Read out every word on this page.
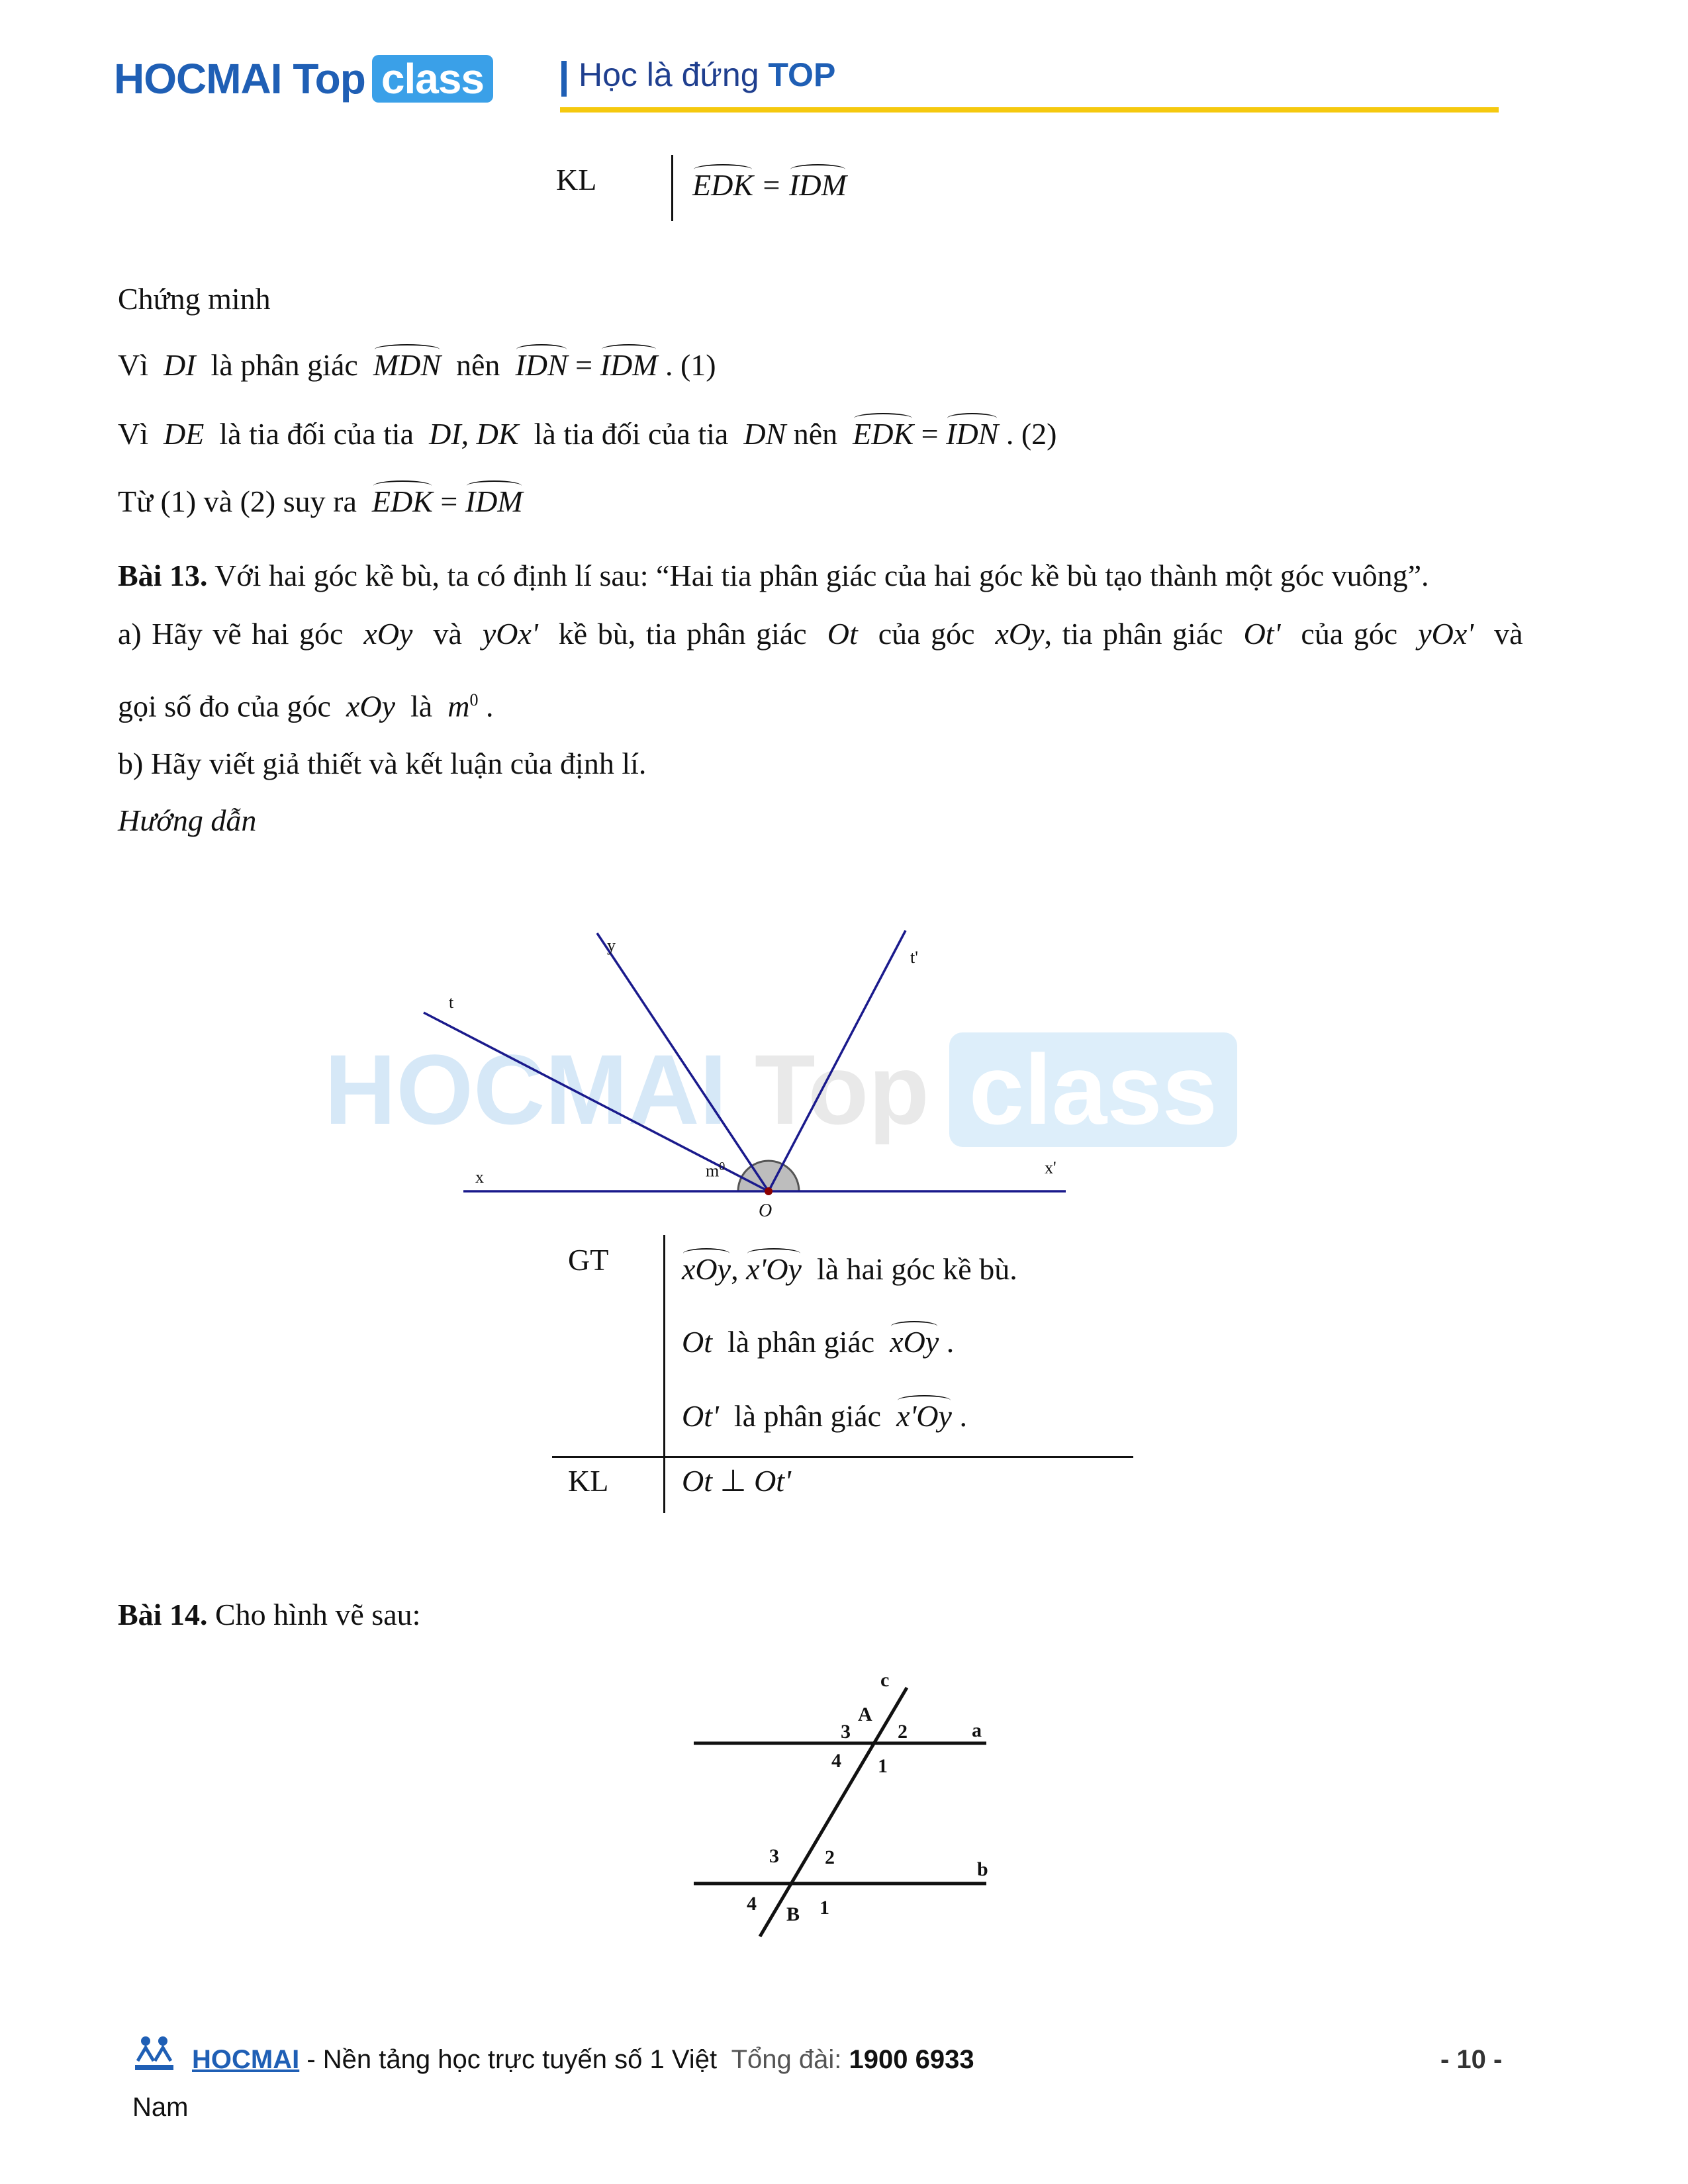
HOCMAI Top class	Học là đứng TOP
KL	EDK = IDM
Chứng minh
Vì DI là phân giác MDN nên IDN = IDM . (1)
Vì DE là tia đối của tia DI, DK là tia đối của tia DN nên EDK = IDN . (2)
Từ (1) và (2) suy ra EDK = IDM
Bài 13. Với hai góc kề bù, ta có định lí sau: “Hai tia phân giác của hai góc kề bù tạo thành một góc vuông”.
a) Hãy vẽ hai góc xOy và yOx' kề bù, tia phân giác Ot của góc xOy, tia phân giác Ot' của góc yOx' và
gọi số đo của góc xOy là $m^0$ .
b) Hãy viết giả thiết và kết luận của định lí.
Hướng dẫn
HOCMAI Top class
t
y
t'
x	x'
O
$m^0$
GT xOy, x'Oy là hai góc kề bù.
Ot là phân giác xOy .
Ot' là phân giác x'Oy .
KL Ot ⊥ Ot'
Bài 14. Cho hình vẽ sau:
c
a
b
A
3 2
4 1
3 2
4 B 1
HOCMAI - Nền tảng học trực tuyến số 1 Việt Tổng đài: 1900 6933	- 10 -
Nam
